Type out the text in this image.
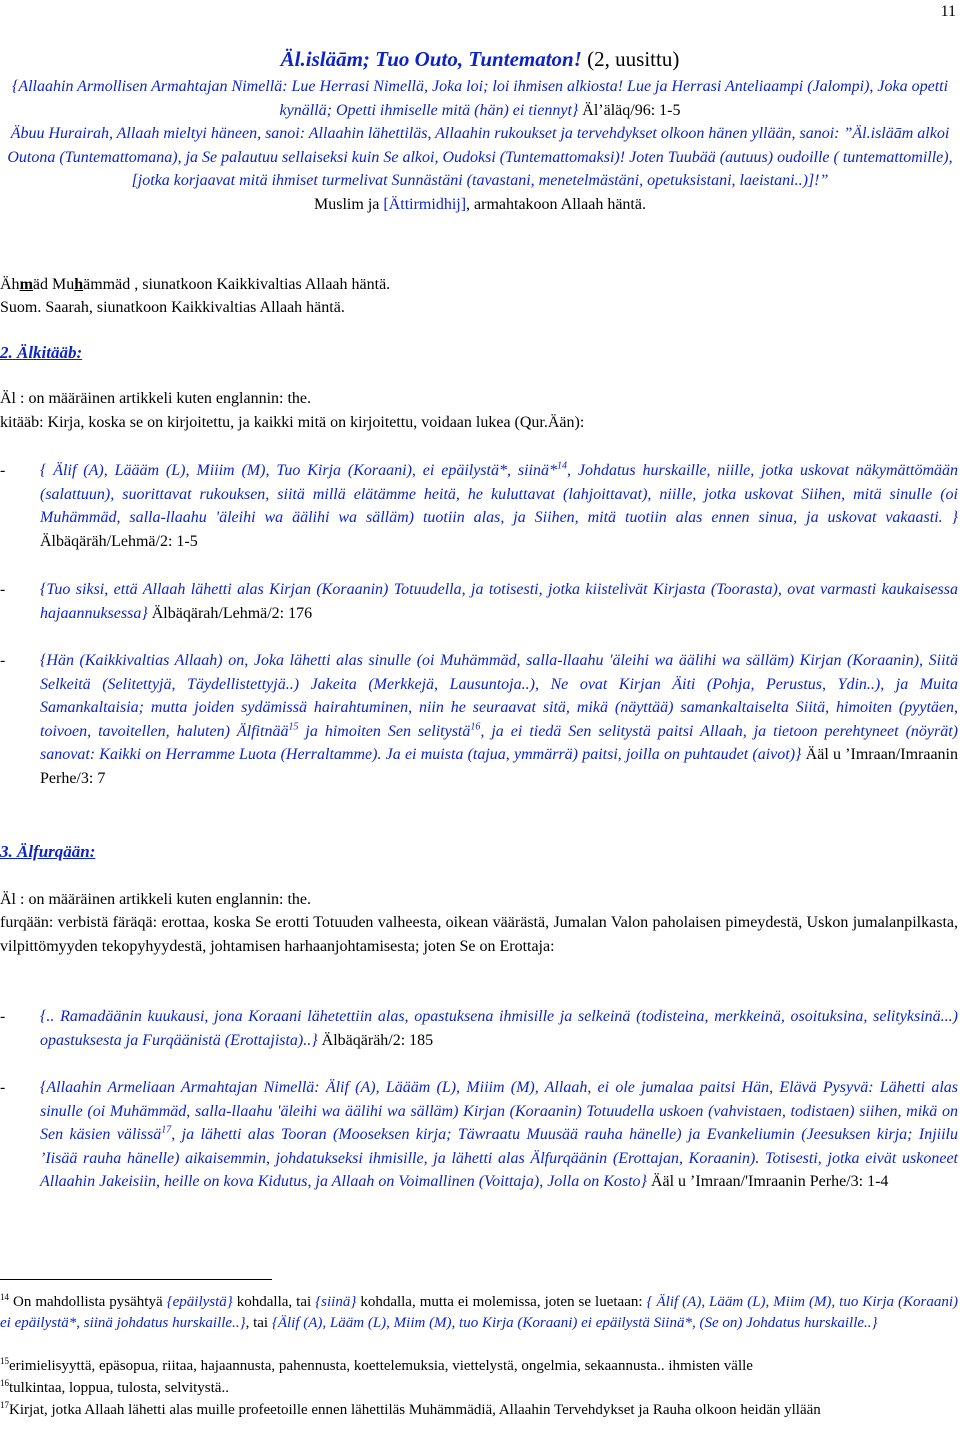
11
Äl.isläām; Tuo Outo, Tuntematon! (2, uusittu)
{Allaahin Armollisen Armahtajan Nimellä: Lue Herrasi Nimellä, Joka loi; loi ihmisen alkiosta! Lue ja Herrasi Anteliaampi (Jalompi), Joka opetti kynällä; Opetti ihmiselle mitä (hän) ei tiennyt} Äl’äläq/96: 1-5
Äbuu Hurairah, Allaah mieltyi häneen, sanoi: Allaahin lähettiläs, Allaahin rukoukset ja tervehdykset olkoon hänen yllään, sanoi: ”Äl.isläām alkoi Outona (Tuntemattomana), ja Se palautuu sellaiseksi kuin Se alkoi, Oudoksi (Tuntemattomaksi)! Joten Tuubää (autuus) oudoille ( tuntemattomille), [jotka korjaavat mitä ihmiset turmelivat Sunnästäni (tavastani, menetelmästäni, opetuksistani, laeistani..)]!”
Muslim ja [Ättirmidhij], armahtakoon Allaah häntä.
Ähmäd Muhämmäd , siunatkoon Kaikkivaltias Allaah häntä.
Suom. Saarah, siunatkoon Kaikkivaltias Allaah häntä.
2. Älkitääb:
Äl : on määräinen artikkeli kuten englannin: the.
kitääb: Kirja, koska se on kirjoitettu, ja kaikki mitä on kirjoitettu, voidaan lukea (Qur.Ään):
-	{ Älif (A), Läääm (L), Miiim (M), Tuo Kirja (Koraani), ei epäilystä*, siinä*$^{14}$, Johdatus hurskaille, niille, jotka uskovat näkymättömään (salattuun), suorittavat rukouksen, siitä millä elätämme heitä, he kuluttavat (lahjoittavat), niille, jotka uskovat Siihen, mitä sinulle (oi Muhämmäd, salla-llaahu 'äleihi wa äälihi wa sälläm) tuotiin alas, ja Siihen, mitä tuotiin alas ennen sinua, ja uskovat vakaasti. } Älbäqäräh/Lehmä/2: 1-5
-	{Tuo siksi, että Allaah lähetti alas Kirjan (Koraanin) Totuudella, ja totisesti, jotka kiistelivät Kirjasta (Toorasta), ovat varmasti kaukaisessa hajaannuksessa} Älbäqärah/Lehmä/2: 176
-	{Hän (Kaikkivaltias Allaah) on, Joka lähetti alas sinulle (oi Muhämmäd, salla-llaahu 'äleihi wa äälihi wa sälläm) Kirjan (Koraanin), Siitä Selkeitä (Selitettyjä, Täydellistettyjä..) Jakeita (Merkkejä, Lausuntoja..), Ne ovat Kirjan Äiti (Pohja, Perustus, Ydin..), ja Muita Samankaltaisia; mutta joiden sydämissä hairahtuminen, niin he seuraavat sitä, mikä (näyttää) samankaltaiselta Siitä, himoiten (pyytäen, toivoen, tavoitellen, haluten) Älfitnää$^{15}$ ja himoiten Sen selitystä$^{16}$, ja ei tiedä Sen selitystä paitsi Allaah, ja tietoon perehtyneet (nöyrät) sanovat: Kaikki on Herramme Luota (Herraltamme). Ja ei muista (tajua, ymmärrä) paitsi, joilla on puhtaudet (aivot)} Ääl u ’Imraan/Imraanin Perhe/3: 7
3. Älfurqään:
Äl : on määräinen artikkeli kuten englannin: the.
furqään: verbistä färäqä: erottaa, koska Se erotti Totuuden valheesta, oikean väärästä, Jumalan Valon paholaisen pimeydestä, Uskon jumalanpilkasta, vilpittömyyden tekopyhyydestä, johtamisen harhaanjohtamisesta; joten Se on Erottaja:
-	{.. Ramadäänin kuukausi, jona Koraani lähetettiin alas, opastuksena ihmisille ja selkeinä (todisteina, merkkeinä, osoituksina, selityksinä...) opastuksesta ja Furqäänistä (Erottajista)..} Älbäqäräh/2: 185
-	{Allaahin Armeliaan Armahtajan Nimellä: Älif (A), Läääm (L), Miiim (M), Allaah, ei ole jumalaa paitsi Hän, Elävä Pysyvä: Lähetti alas sinulle (oi Muhämmäd, salla-llaahu 'äleihi wa äälihi wa sälläm) Kirjan (Koraanin) Totuudella uskoen (vahvistaen, todistaen) siihen, mikä on Sen käsien välissä$^{17}$, ja lähetti alas Tooran (Mooseksen kirja; Täwraatu Muusää rauha hänelle) ja Evankeliumin (Jeesuksen kirja; Injiilu ’Iisää rauha hänelle) aikaisemmin, johdatukseksi ihmisille, ja lähetti alas Älfurqäänin (Erottajan, Koraanin). Totisesti, jotka eivät uskoneet Allaahin Jakeisiin, heille on kova Kidutus, ja Allaah on Voimallinen (Voittaja), Jolla on Kosto} Ääl u ’Imraan/'Imraanin Perhe/3: 1-4
$^{14}$ On mahdollista pysähtyä {epäilystä} kohdalla, tai {siinä} kohdalla, mutta ei molemissa, joten se luetaan: { Älif (A), Lääm (L), Miim (M), tuo Kirja (Koraani) ei epäilystä*, siinä johdatus hurskaille..}, tai {Älif (A), Lääm (L), Miim (M), tuo Kirja (Koraani) ei epäilystä Siinä*, (Se on) Johdatus hurskaille..}
$^{15}$erimielisyyttä, epäsopua, riitaa, hajaannusta, pahennusta, koettelemuksia, viettelystä, ongelmia, sekaannusta.. ihmisten välle
$^{16}$tulkintaa, loppua, tulosta, selvitystä..
$^{17}$Kirjat, jotka Allaah lähetti alas muille profeetoille ennen lähettiläs Muhämmädiä, Allaahin Tervehdykset ja Rauha olkoon heidän yllään
